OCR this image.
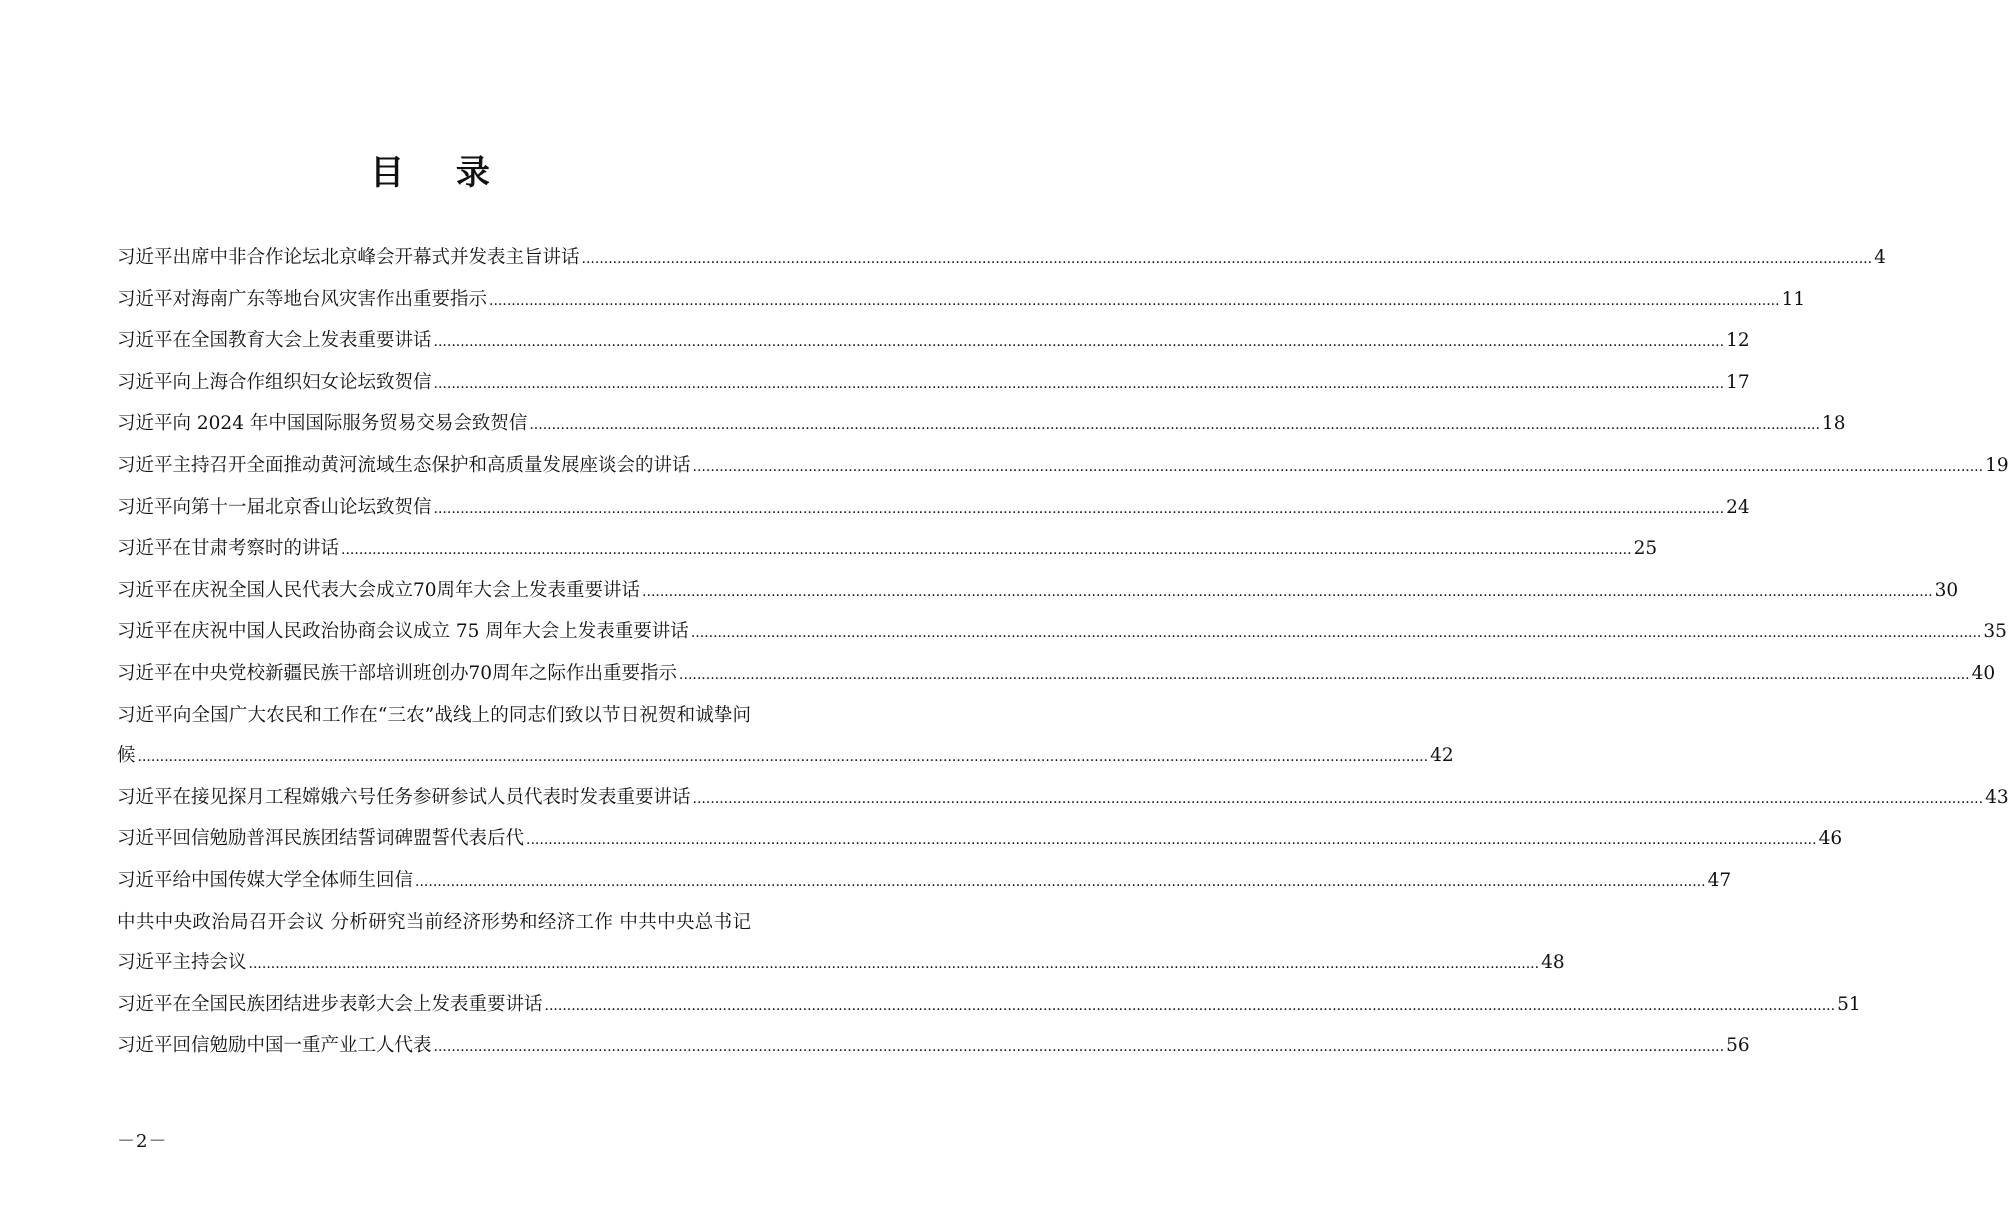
目 录
习近平出席中非合作论坛北京峰会开幕式并发表主旨讲话 .....	4
习近平对海南广东等地台风灾害作出重要指示 .....	11
习近平在全国教育大会上发表重要讲话 .....	12
习近平向上海合作组织妇女论坛致贺信 .....	17
习近平向 2024 年中国国际服务贸易交易会致贺信 .....	18
习近平主持召开全面推动黄河流域生态保护和高质量发展座谈会的讲话 .....	19
习近平向第十一届北京香山论坛致贺信 .....	24
习近平在甘肃考察时的讲话 .....	25
习近平在庆祝全国人民代表大会成立70周年大会上发表重要讲话 .....	30
习近平在庆祝中国人民政治协商会议成立 75 周年大会上发表重要讲话 .....	35
习近平在中央党校新疆民族干部培训班创办70周年之际作出重要指示 .....	40
习近平向全国广大农民和工作在“三农”战线上的同志们致以节日祝贺和诚挚问
候 .....	42
习近平在接见探月工程嫦娥六号任务参研参试人员代表时发表重要讲话 .....	43
习近平回信勉励普洱民族团结誓词碑盟誓代表后代 .....	46
习近平给中国传媒大学全体师生回信 .....	47
中共中央政治局召开会议 分析研究当前经济形势和经济工作 中共中央总书记
习近平主持会议 .....	48
习近平在全国民族团结进步表彰大会上发表重要讲话 .....	51
习近平回信勉励中国一重产业工人代表 .....	56
－2－
